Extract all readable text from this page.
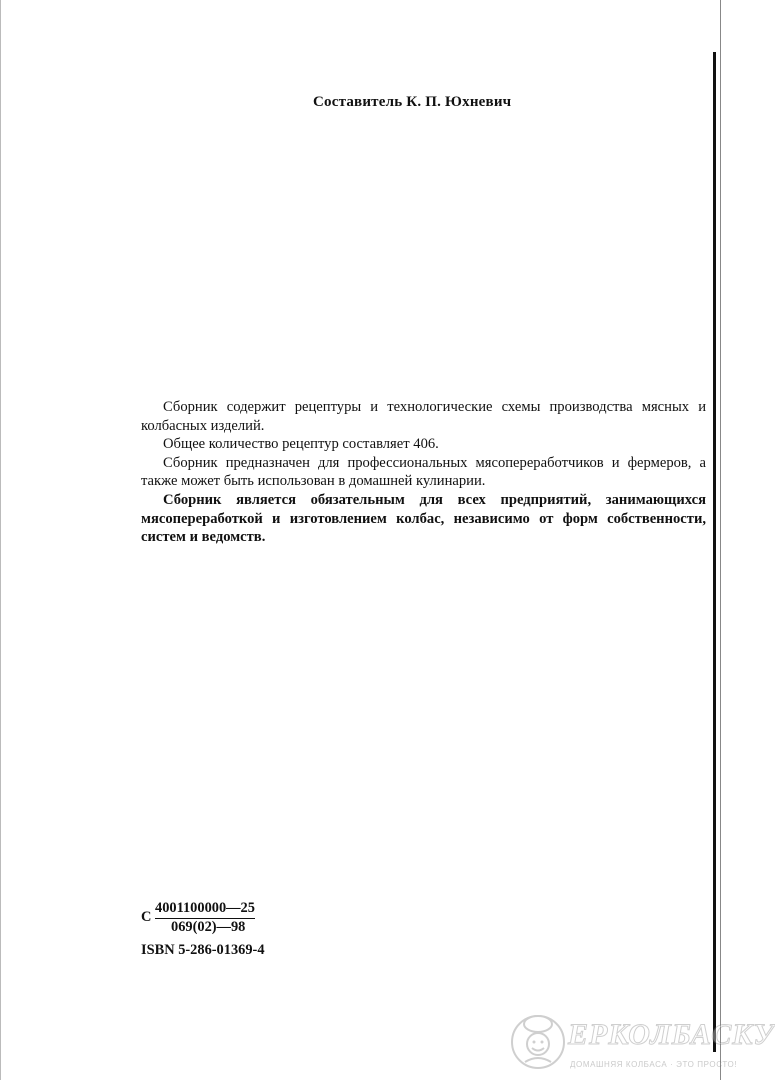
Составитель К. П. Юхневич

Сборник содержит рецептуры и технологические схемы производства мясных и колбасных изделий.

Общее количество рецептур составляет 406.

Сборник предназначен для профессиональных мясопереработчиков и фермеров, а также может быть использован в домашней кулинарии.

Сборник является обязательным для всех предприятий, занимающихся мясопереработкой и изготовлением колбас, независимо от форм собственности, систем и ведомств.

С
4001100000—25
069(02)—98
ISBN 5-286-01369-4
ЕРКОЛБАСКУ
ДОМАШНЯЯ КОЛБАСА · ЭТО ПРОСТО!
